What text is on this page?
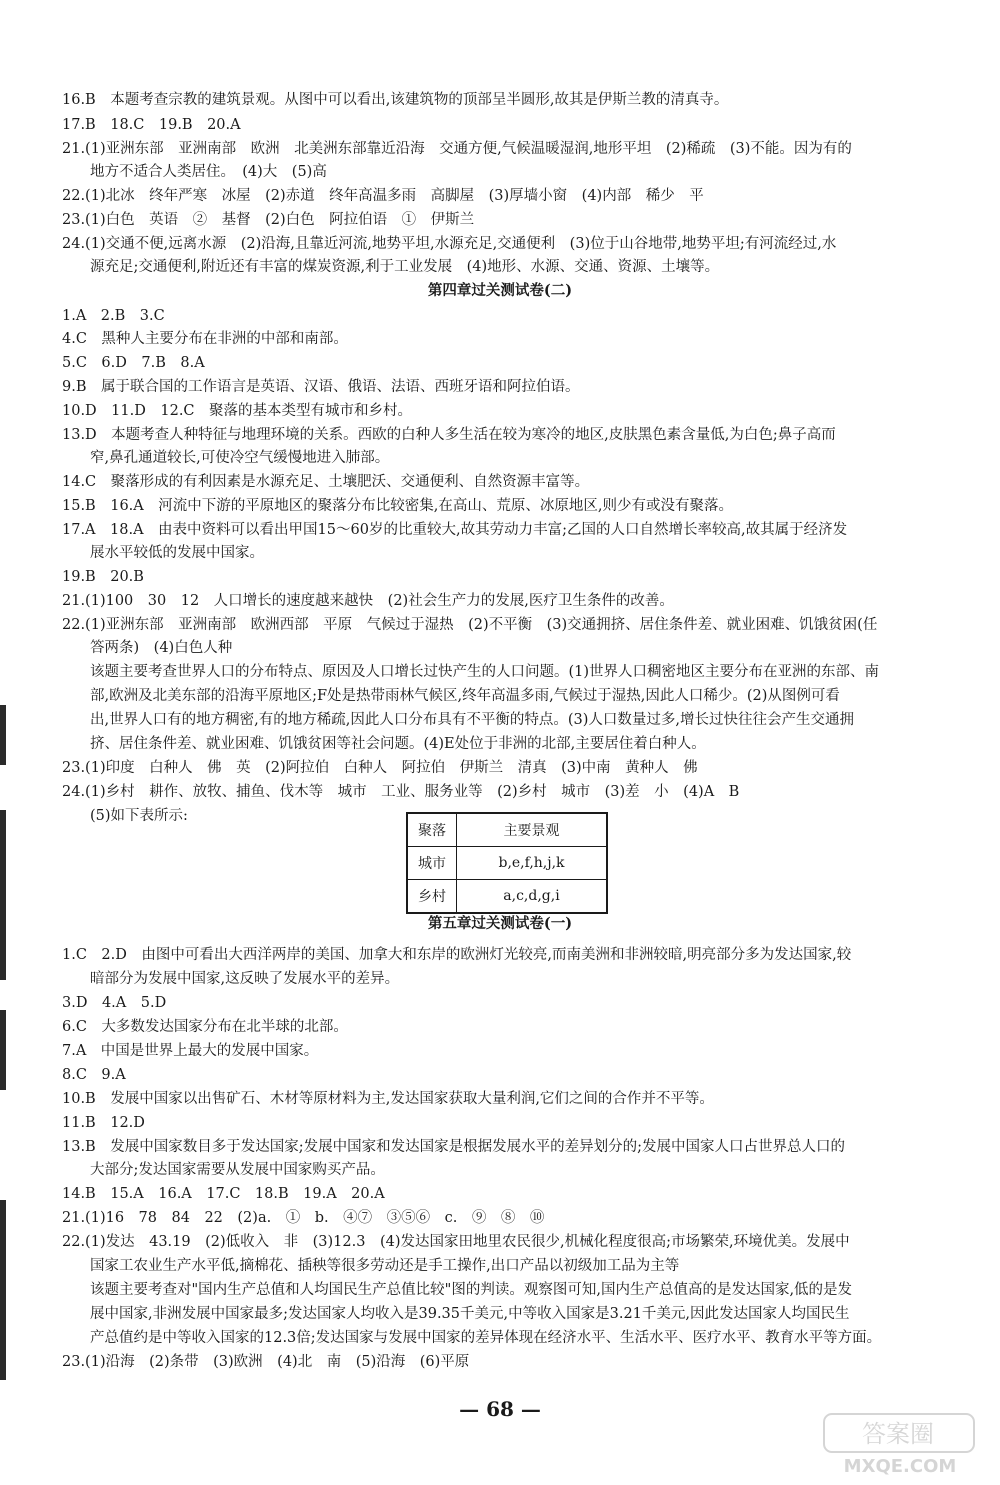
16.B　本题考查宗教的建筑景观。从图中可以看出,该建筑物的顶部呈半圆形,故其是伊斯兰教的清真寺。
17.B　18.C　19.B　20.A
21.(1)亚洲东部　亚洲南部　欧洲　北美洲东部靠近沿海　交通方便,气候温暖湿润,地形平坦　(2)稀疏　(3)不能。因为有的
地方不适合人类居住。　(4)大　(5)高
22.(1)北冰　终年严寒　冰屋　(2)赤道　终年高温多雨　高脚屋　(3)厚墙小窗　(4)内部　稀少　平
23.(1)白色　英语　②　基督　(2)白色　阿拉伯语　①　伊斯兰
24.(1)交通不便,远离水源　(2)沿海,且靠近河流,地势平坦,水源充足,交通便利　(3)位于山谷地带,地势平坦;有河流经过,水
源充足;交通便利,附近还有丰富的煤炭资源,利于工业发展　(4)地形、水源、交通、资源、土壤等。
第四章过关测试卷(二)
1.A　2.B　3.C
4.C　黑种人主要分布在非洲的中部和南部。
5.C　6.D　7.B　8.A
9.B　属于联合国的工作语言是英语、汉语、俄语、法语、西班牙语和阿拉伯语。
10.D　11.D　12.C　聚落的基本类型有城市和乡村。
13.D　本题考查人种特征与地理环境的关系。西欧的白种人多生活在较为寒冷的地区,皮肤黑色素含量低,为白色;鼻子高而
窄,鼻孔通道较长,可使冷空气缓慢地进入肺部。
14.C　聚落形成的有利因素是水源充足、土壤肥沃、交通便利、自然资源丰富等。
15.B　16.A　河流中下游的平原地区的聚落分布比较密集,在高山、荒原、冰原地区,则少有或没有聚落。
17.A　18.A　由表中资料可以看出甲国15～60岁的比重较大,故其劳动力丰富;乙国的人口自然增长率较高,故其属于经济发
展水平较低的发展中国家。
19.B　20.B
21.(1)100　30　12　人口增长的速度越来越快　(2)社会生产力的发展,医疗卫生条件的改善。
22.(1)亚洲东部　亚洲南部　欧洲西部　平原　气候过于湿热　(2)不平衡　(3)交通拥挤、居住条件差、就业困难、饥饿贫困(任
答两条)　(4)白色人种
该题主要考查世界人口的分布特点、原因及人口增长过快产生的人口问题。(1)世界人口稠密地区主要分布在亚洲的东部、南
部,欧洲及北美东部的沿海平原地区;F处是热带雨林气候区,终年高温多雨,气候过于湿热,因此人口稀少。(2)从图例可看
出,世界人口有的地方稠密,有的地方稀疏,因此人口分布具有不平衡的特点。(3)人口数量过多,增长过快往往会产生交通拥
挤、居住条件差、就业困难、饥饿贫困等社会问题。(4)E处位于非洲的北部,主要居住着白种人。
23.(1)印度　白种人　佛　英　(2)阿拉伯　白种人　阿拉伯　伊斯兰　清真　(3)中南　黄种人　佛
24.(1)乡村　耕作、放牧、捕鱼、伐木等　城市　工业、服务业等　(2)乡村　城市　(3)差　小　(4)A　B
(5)如下表所示:
聚落	主要景观
城市	b,e,f,h,j,k
乡村	a,c,d,g,i
第五章过关测试卷(一)
1.C　2.D　由图中可看出大西洋两岸的美国、加拿大和东岸的欧洲灯光较亮,而南美洲和非洲较暗,明亮部分多为发达国家,较
暗部分为发展中国家,这反映了发展水平的差异。
3.D　4.A　5.D
6.C　大多数发达国家分布在北半球的北部。
7.A　中国是世界上最大的发展中国家。
8.C　9.A
10.B　发展中国家以出售矿石、木材等原材料为主,发达国家获取大量利润,它们之间的合作并不平等。
11.B　12.D
13.B　发展中国家数目多于发达国家;发展中国家和发达国家是根据发展水平的差异划分的;发展中国家人口占世界总人口的
大部分;发达国家需要从发展中国家购买产品。
14.B　15.A　16.A　17.C　18.B　19.A　20.A
21.(1)16　78　84　22　(2)a.　①　b.　④⑦　③⑤⑥　c.　⑨　⑧　⑩
22.(1)发达　43.19　(2)低收入　非　(3)12.3　(4)发达国家田地里农民很少,机械化程度很高;市场繁荣,环境优美。发展中
国家工农业生产水平低,摘棉花、插秧等很多劳动还是手工操作,出口产品以初级加工品为主等
该题主要考查对"国内生产总值和人均国民生产总值比较"图的判读。观察图可知,国内生产总值高的是发达国家,低的是发
展中国家,非洲发展中国家最多;发达国家人均收入是39.35千美元,中等收入国家是3.21千美元,因此发达国家人均国民生
产总值约是中等收入国家的12.3倍;发达国家与发展中国家的差异体现在经济水平、生活水平、医疗水平、教育水平等方面。
23.(1)沿海　(2)条带　(3)欧洲　(4)北　南　(5)沿海　(6)平原
— 68 —
答案圈
MXQE.COM
